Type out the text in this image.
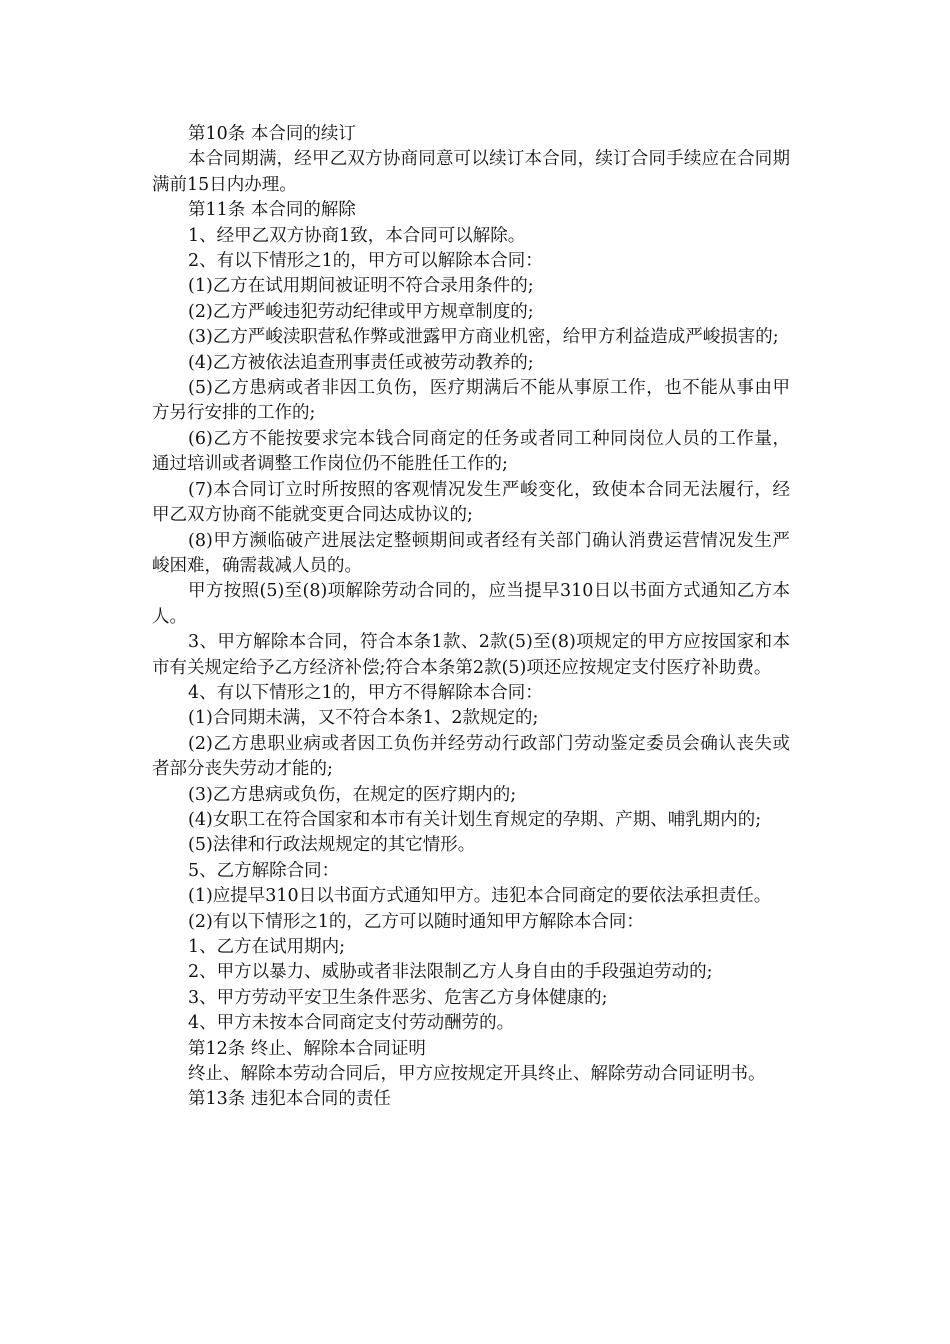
第10条 本合同的续订

本合同期满，经甲乙双方协商同意可以续订本合同，续订合同手续应在合同期满前15日内办理。

第11条 本合同的解除

1、经甲乙双方协商1致，本合同可以解除。

2、有以下情形之1的，甲方可以解除本合同：

(1)乙方在试用期间被证明不符合录用条件的;

(2)乙方严峻违犯劳动纪律或甲方规章制度的;

(3)乙方严峻渎职营私作弊或泄露甲方商业机密，给甲方利益造成严峻损害的;

(4)乙方被依法追查刑事责任或被劳动教养的;

(5)乙方患病或者非因工负伤，医疗期满后不能从事原工作，也不能从事由甲方另行安排的工作的;

(6)乙方不能按要求完本钱合同商定的任务或者同工种同岗位人员的工作量，通过培训或者调整工作岗位仍不能胜任工作的;

(7)本合同订立时所按照的客观情况发生严峻变化，致使本合同无法履行，经甲乙双方协商不能就变更合同达成协议的;

(8)甲方濒临破产进展法定整顿期间或者经有关部门确认消费运营情况发生严峻困难，确需裁减人员的。

甲方按照(5)至(8)项解除劳动合同的，应当提早310日以书面方式通知乙方本人。

3、甲方解除本合同，符合本条1款、2款(5)至(8)项规定的甲方应按国家和本市有关规定给予乙方经济补偿;符合本条第2款(5)项还应按规定支付医疗补助费。

4、有以下情形之1的，甲方不得解除本合同：

(1)合同期未满，又不符合本条1、2款规定的;

(2)乙方患职业病或者因工负伤并经劳动行政部门劳动鉴定委员会确认丧失或者部分丧失劳动才能的;

(3)乙方患病或负伤，在规定的医疗期内的;

(4)女职工在符合国家和本市有关计划生育规定的孕期、产期、哺乳期内的;

(5)法律和行政法规规定的其它情形。

5、乙方解除合同：

(1)应提早310日以书面方式通知甲方。违犯本合同商定的要依法承担责任。

(2)有以下情形之1的，乙方可以随时通知甲方解除本合同：

1、乙方在试用期内;

2、甲方以暴力、威胁或者非法限制乙方人身自由的手段强迫劳动的;

3、甲方劳动平安卫生条件恶劣、危害乙方身体健康的;

4、甲方未按本合同商定支付劳动酬劳的。

第12条 终止、解除本合同证明

终止、解除本劳动合同后，甲方应按规定开具终止、解除劳动合同证明书。

第13条 违犯本合同的责任
